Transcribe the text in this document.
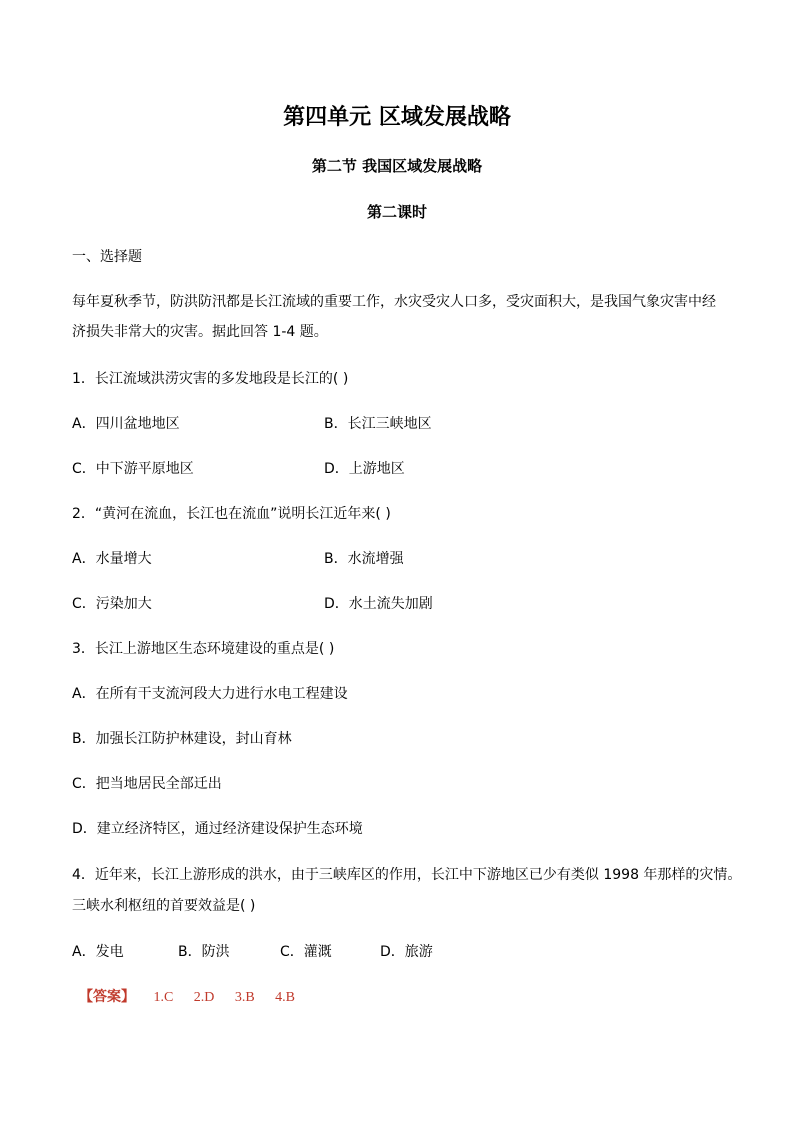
第四单元 区域发展战略
第二节 我国区域发展战略
第二课时
一、选择题
每年夏秋季节，防洪防汛都是长江流域的重要工作，水灾受灾人口多，受灾面积大，是我国气象灾害中经
济损失非常大的灾害。据此回答 1-4 题。
1．长江流域洪涝灾害的多发地段是长江的( )
A．四川盆地地区	B．长江三峡地区
C．中下游平原地区	D．上游地区
2．“黄河在流血，长江也在流血”说明长江近年来( )
A．水量增大	B．水流增强
C．污染加大	D．水土流失加剧
3．长江上游地区生态环境建设的重点是( )
A．在所有干支流河段大力进行水电工程建设
B．加强长江防护林建设，封山育林
C．把当地居民全部迁出
D．建立经济特区，通过经济建设保护生态环境
4．近年来，长江上游形成的洪水，由于三峡库区的作用，长江中下游地区已少有类似 1998 年那样的灾情。
三峡水利枢纽的首要效益是( )
A．发电	B．防洪	C．灌溉	D．旅游
【答案】 1.C 2.D 3.B 4.B
